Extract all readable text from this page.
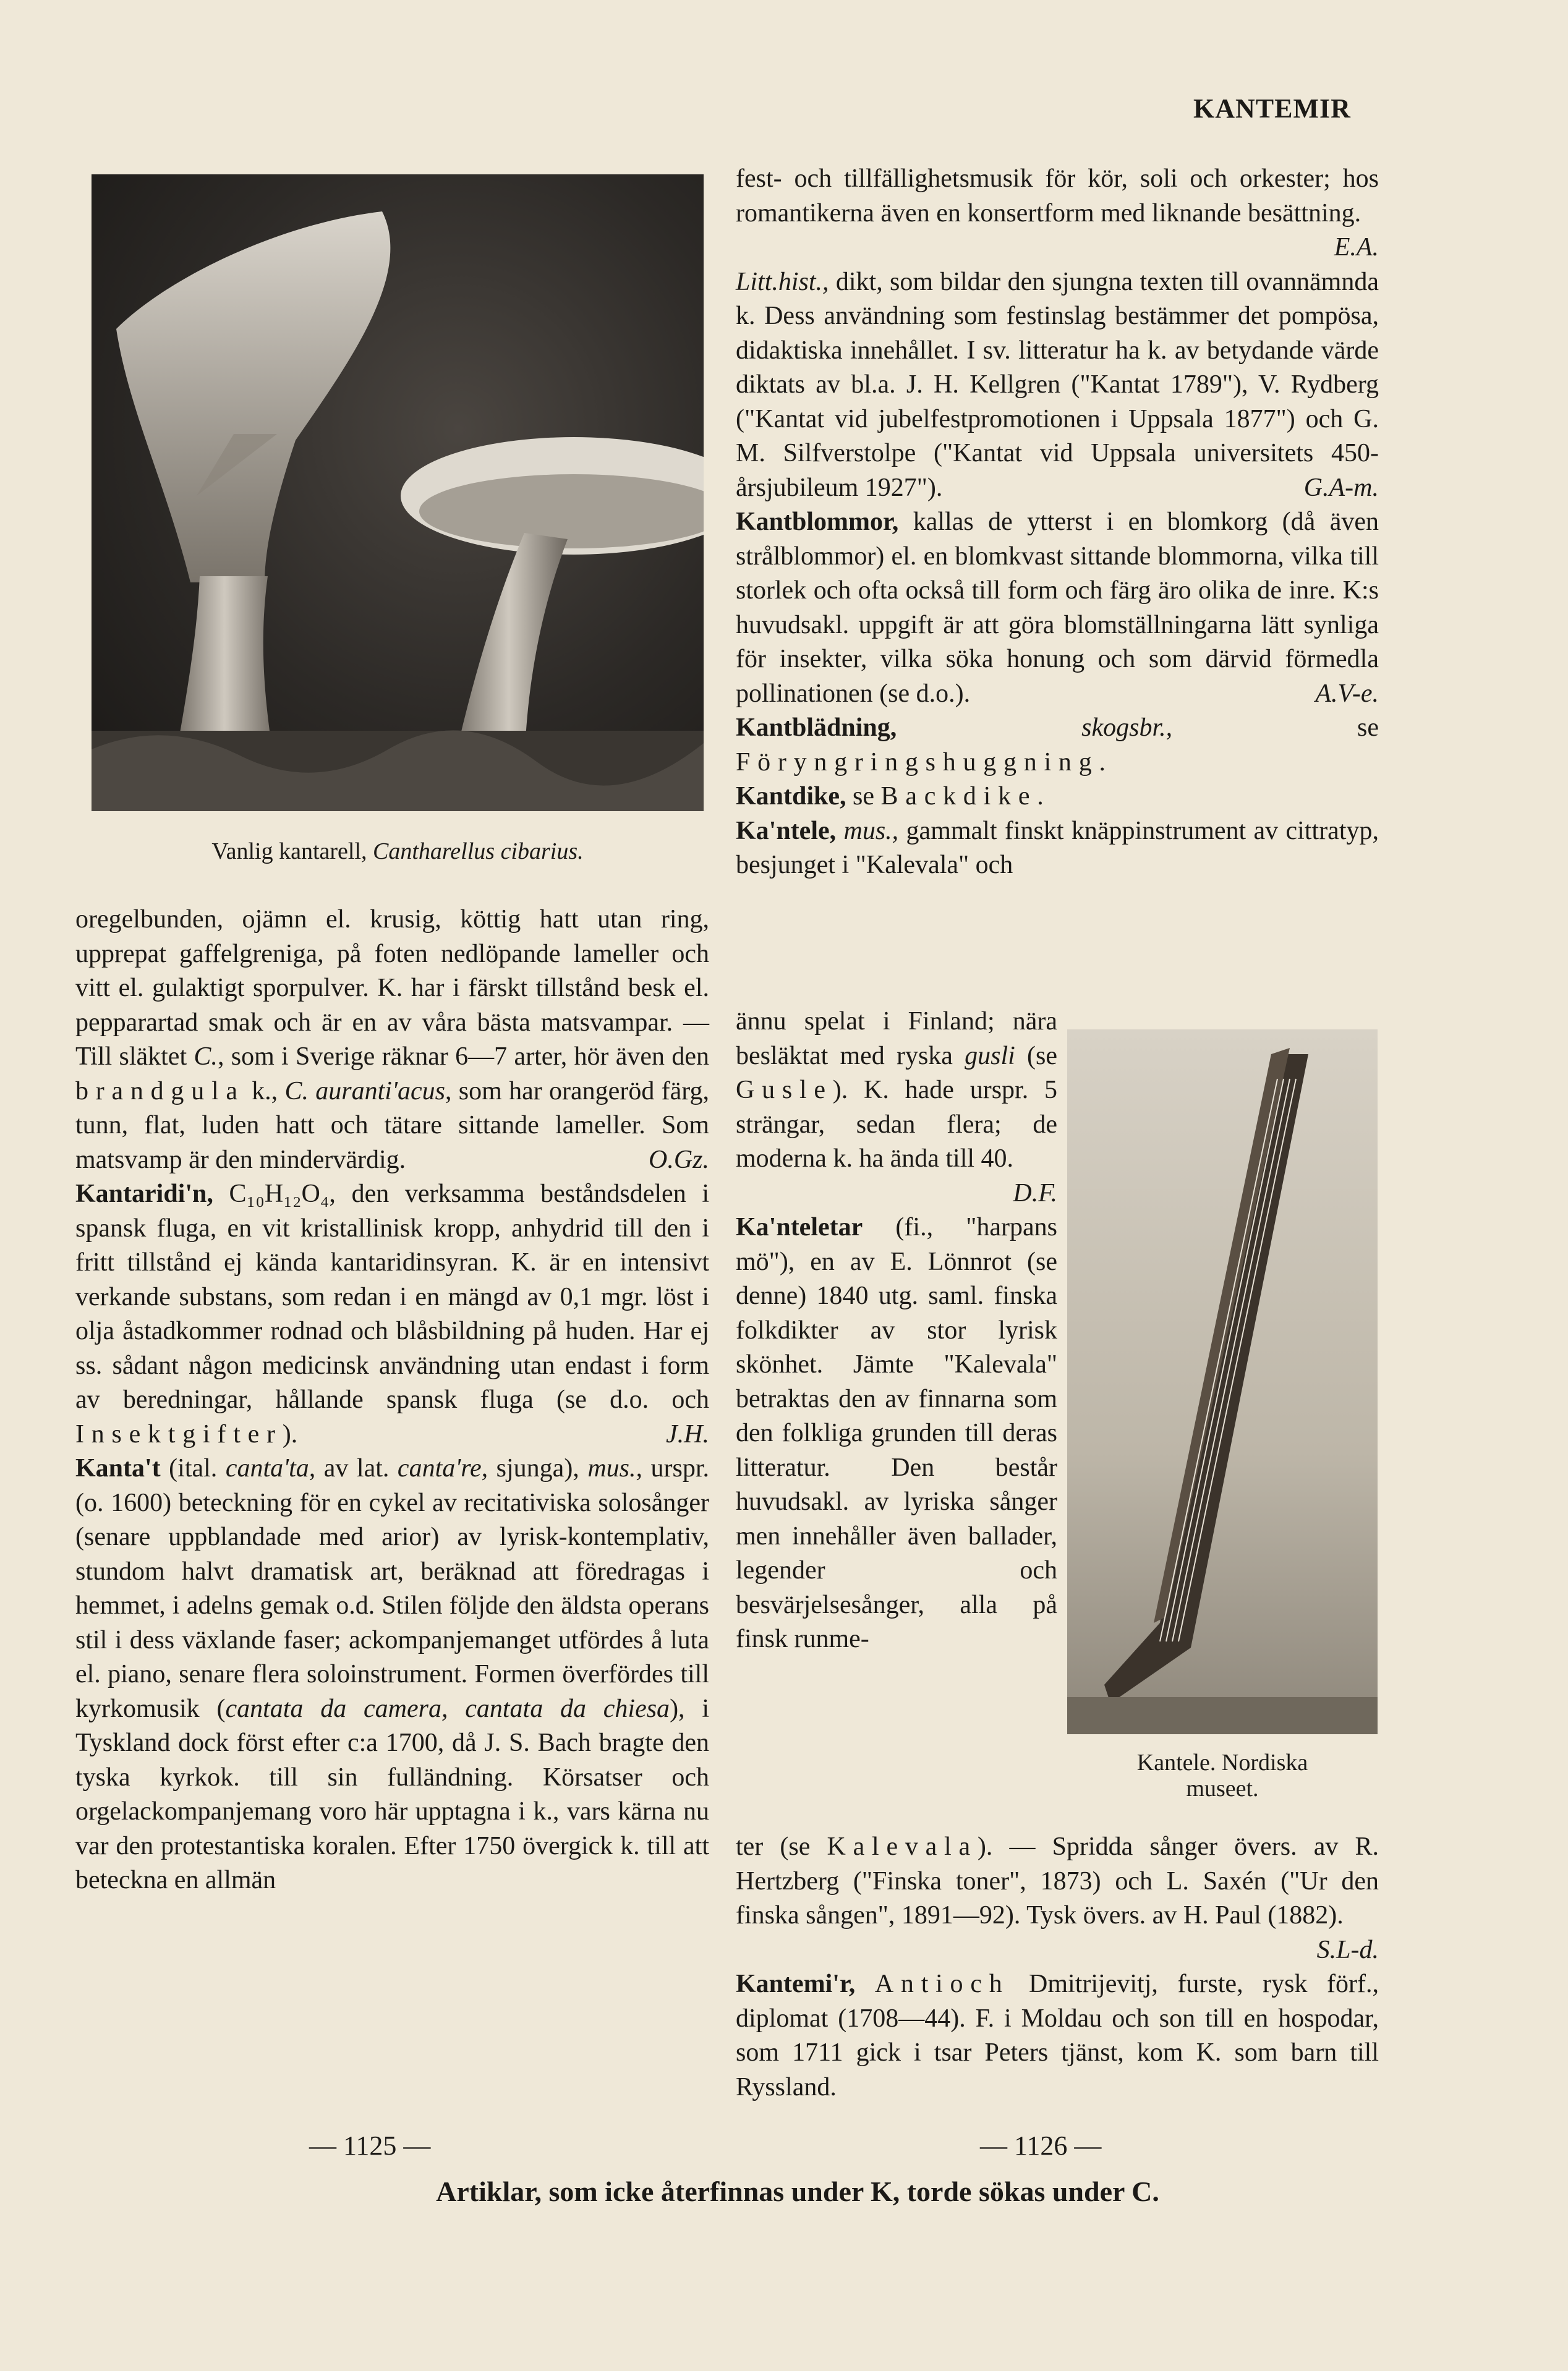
KANTEMIR
Vanlig kantarell, Cantharellus cibarius.

oregelbunden, ojämn el. krusig, köttig hatt utan ring, upprepat gaffelgreniga, på foten nedlöpande lameller och vitt el. gulaktigt sporpulver. K. har i färskt tillstånd besk el. pepparartad smak och är en av våra bästa matsvampar. — Till släktet C., som i Sverige räknar 6—7 arter, hör även den brandgula k., C. auranti'acus, som har orangeröd färg, tunn, flat, luden hatt och tätare sittande lameller. Som matsvamp är den mindervärdig.	O.Gz.

Kantaridi'n, C₁₀H₁₂O₄, den verksamma beståndsdelen i spansk fluga, en vit kristallinisk kropp, anhydrid till den i fritt tillstånd ej kända kantaridinsyran. K. är en intensivt verkande substans, som redan i en mängd av 0,1 mgr. löst i olja åstadkommer rodnad och blåsbildning på huden. Har ej ss. sådant någon medicinsk användning utan endast i form av beredningar, hållande spansk fluga (se d.o. och Insektgifter).	J.H.

Kanta't (ital. canta'ta, av lat. canta're, sjunga), mus., urspr. (o. 1600) beteckning för en cykel av recitativiska solosånger (senare uppblandade med arior) av lyrisk-kontemplativ, stundom halvt dramatisk art, beräknad att föredragas i hemmet, i adelns gemak o.d. Stilen följde den äldsta operans stil i dess växlande faser; ackompanjemanget utfördes å luta el. piano, senare flera soloinstrument. Formen överfördes till kyrkomusik (cantata da camera, cantata da chiesa), i Tyskland dock först efter c:a 1700, då J. S. Bach bragte den tyska kyrkok. till sin fulländning. Körsatser och orgelackompanjemang voro här upptagna i k., vars kärna nu var den protestantiska koralen. Efter 1750 övergick k. till att beteckna en allmän

fest- och tillfällighetsmusik för kör, soli och orkester; hos romantikerna även en konsertform med liknande besättning.
E.A.

Litt.hist., dikt, som bildar den sjungna texten till ovannämnda k. Dess användning som festinslag bestämmer det pompösa, didaktiska innehållet. I sv. litteratur ha k. av betydande värde diktats av bl.a. J. H. Kellgren ("Kantat 1789"), V. Rydberg ("Kantat vid jubelfestpromotionen i Uppsala 1877") och G. M. Silfverstolpe ("Kantat vid Uppsala universitets 450-årsjubileum 1927").	G.A-m.

Kantblommor, kallas de ytterst i en blomkorg (då även strålblommor) el. en blomkvast sittande blommorna, vilka till storlek och ofta också till form och färg äro olika de inre. K:s huvudsakl. uppgift är att göra blomställningarna lätt synliga för insekter, vilka söka honung och som därvid förmedla pollinationen (se d.o.).	A.V-e.

Kantblädning, skogsbr., se Föryngringshuggning.

Kantdike, se Backdike.

Ka'ntele, mus., gammalt finskt knäppinstrument av cittratyp, besjunget i "Kalevala" och

ännu spelat i Finland; nära besläktat med ryska gusli (se Gusle). K. hade urspr. 5 strängar, sedan flera; de moderna k. ha ända till 40.

D.F.

Ka'nteletar (fi., "harpans mö"), en av E. Lönnrot (se denne) 1840 utg. saml. finska folkdikter av stor lyrisk skönhet. Jämte "Kalevala" betraktas den av finnarna som den folkliga grunden till deras litteratur. Den består huvudsakl. av lyriska sånger men innehåller även ballader, legender och besvärjelsesånger, alla på finsk runme-

Kantele. Nordiska
museet.

ter (se Kalevala). — Spridda sånger övers. av R. Hertzberg ("Finska toner", 1873) och L. Saxén ("Ur den finska sången", 1891—92). Tysk övers. av H. Paul (1882).
S.L-d.

Kantemi'r, Antioch Dmitrijevitj, furste, rysk förf., diplomat (1708—44). F. i Moldau och son till en hospodar, som 1711 gick i tsar Peters tjänst, kom K. som barn till Ryssland.

— 1125 —	— 1126 —
Artiklar, som icke återfinnas under K, torde sökas under C.
